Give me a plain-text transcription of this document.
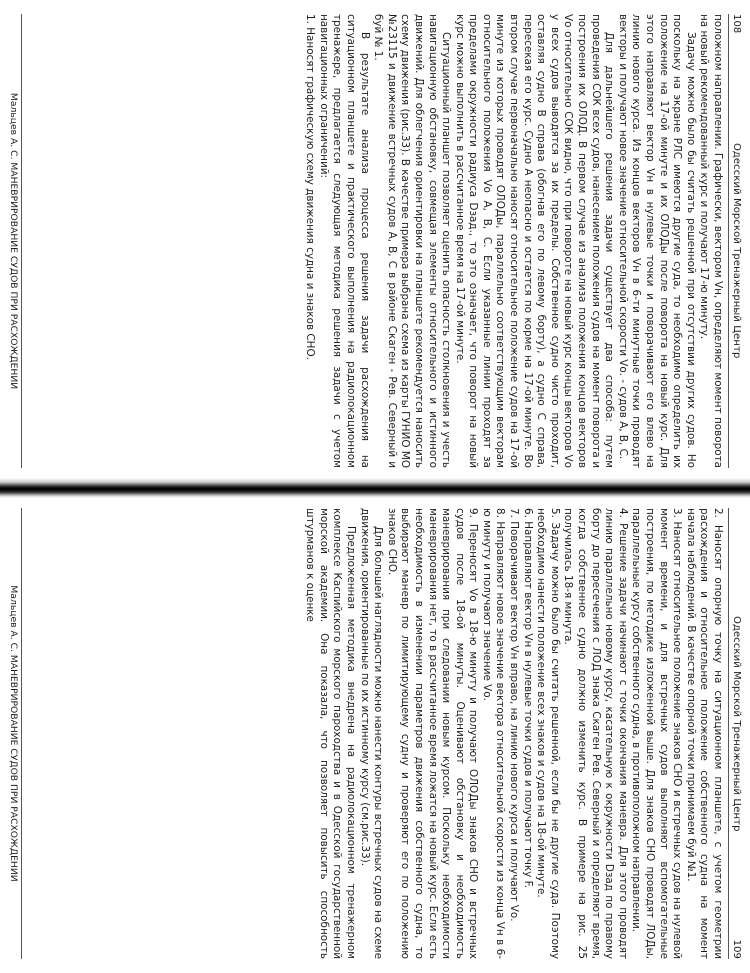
108
Одесский Морской Тренажерный Центр

положном направлении. Графически, вектором Vн, определяют момент поворота на новый рекомендованный курс и получают 17-ю минуту.

Задачу можно было бы считать решенной при отсутствии других судов. Но поскольку на экране РЛС имеются другие суда, то необходимо определить их положение на 17-ой минуте и их ОЛОДы после поворота на новый курс. Для этого направляют вектор Vн в нулевые точки и поворачивают его влево на линию нового курса. Из концов векторов Vн в 6-ти минутные точки проводят векторы и получают новое значение относительной скорости Vо. - судов А, В, С.

Для дальнейшего решения задачи существует два способа: путем проведения СОК всех судов, нанесением положения судов на момент поворота и построения их ОЛОД. В первом случае из анализа положения концов векторов Vо относительно СОК видно, что при повороте на новый курс концы векторов Vо у всех судов выводятся за их пределы. Собственное судно чисто проходит, оставляя судно В справа (обогнав его по левому борту), а судно С справа, пересекая его курс. Судно А неопасно и остается по корме на 17-ой минуте. Во втором случае первоначально наносят относительное положение судов на 17-ой минуте из которых проводят ОЛОДы, параллельно соответствующим векторам относительного положения Vо А, В, С. Если указанные линии проходят за пределами окружности радиуса Dзад., то это означает, что поворот на новый курс можно выполнить в рассчитанное время на 17-ой минуте.

Ситуационный планшет позволяет оценить опасность столкновения и учесть навигационную обстановку, совмещая элементы относительного и истинного движений. Для облегчения ориентировки на планшете рекомендуется наносить схему движения (рис.33). В качестве примера выбрана схема из карты ГУНИО МО №23115 и движение встречных судов А, В, С в районе Скаген - Рев. Северный и буй № 1.

В результате анализа процесса решения задачи расхождения на ситуационном планшете и практического выполнения на радиолокационном тренажере, предлагается следующая методика решения задачи с учетом навигационных ограничений:

1. Наносят графическую схему движения судна и знаков СНО.

Мальцев А. С. МАНЕВРИРОВАНИЕ СУДОВ ПРИ РАСХОЖДЕНИИ
Одесский Морской Тренажерный Центр
109

2. Наносят опорную точку на ситуационном планшете, с учетом геометрии расхождения и относительное положение собственного судна на момент начала наблюдений. В качестве опорной точки принимаем буй №1.

3. Наносят относительное положение знаков СНО и встречных судов на нулевой момент времени, и для встречных судов выполняют вспомогательные построения, по методике изложенной выше. Для знаков СНО проводят ЛОДы, параллельные курсу собственного судна, в противоположном направлении.

4. Решение задачи начинают с точки окончания маневра. Для этого проводят линию параллельно новому курсу, касательную к окружности Dзад по правому борту до пересечения с ЛОД знака Скаген Рев. Северный и определяют время, когда собственное судно должно изменить курс. В примере на рис. 25 получилась 18-я минута.

5. Задачу можно было бы считать решенной, если бы не другие суда. Поэтому необходимо нанести положение всех знаков и судов на 18-ой минуте.

6. Направляют вектор Vн в нулевые точки судов и получают точку F.

7. Поворачивают вектор Vн вправо, на линию нового курса и получают Vо.

8. Направляют новое значение вектора относительной скорости из конца Vн в 6-ю минуту и получают значение Vо.

9. Переносят Vо в 18-ю минуту и получают ОЛОДы знаков СНО и встречных судов после 18-ой минуты. Оценивают обстановку и необходимость маневрирования при следовании новым курсом. Поскольку необходимости маневрирования нет, то в рассчитанное время ложатся на новый курс. Если есть необходимость в изменении параметров движения собственного судна, то выбирают маневр по лимитирующему судну и проверяют его по положению знаков СНО.

Для большей наглядности можно нанести контуры встречных судов на схеме движения, ориентированные по их истинному курсу (см.рис.33).

Предложенная методика внедрена на радиолокационном тренажерном комплексе Каспийского морского пароходства и в Одесской государственной морской академии. Она показала, что позволяет повысить способность штурманов к оценке

Мальцев А. С. МАНЕВРИРОВАНИЕ СУДОВ ПРИ РАСХОЖДЕНИИ
